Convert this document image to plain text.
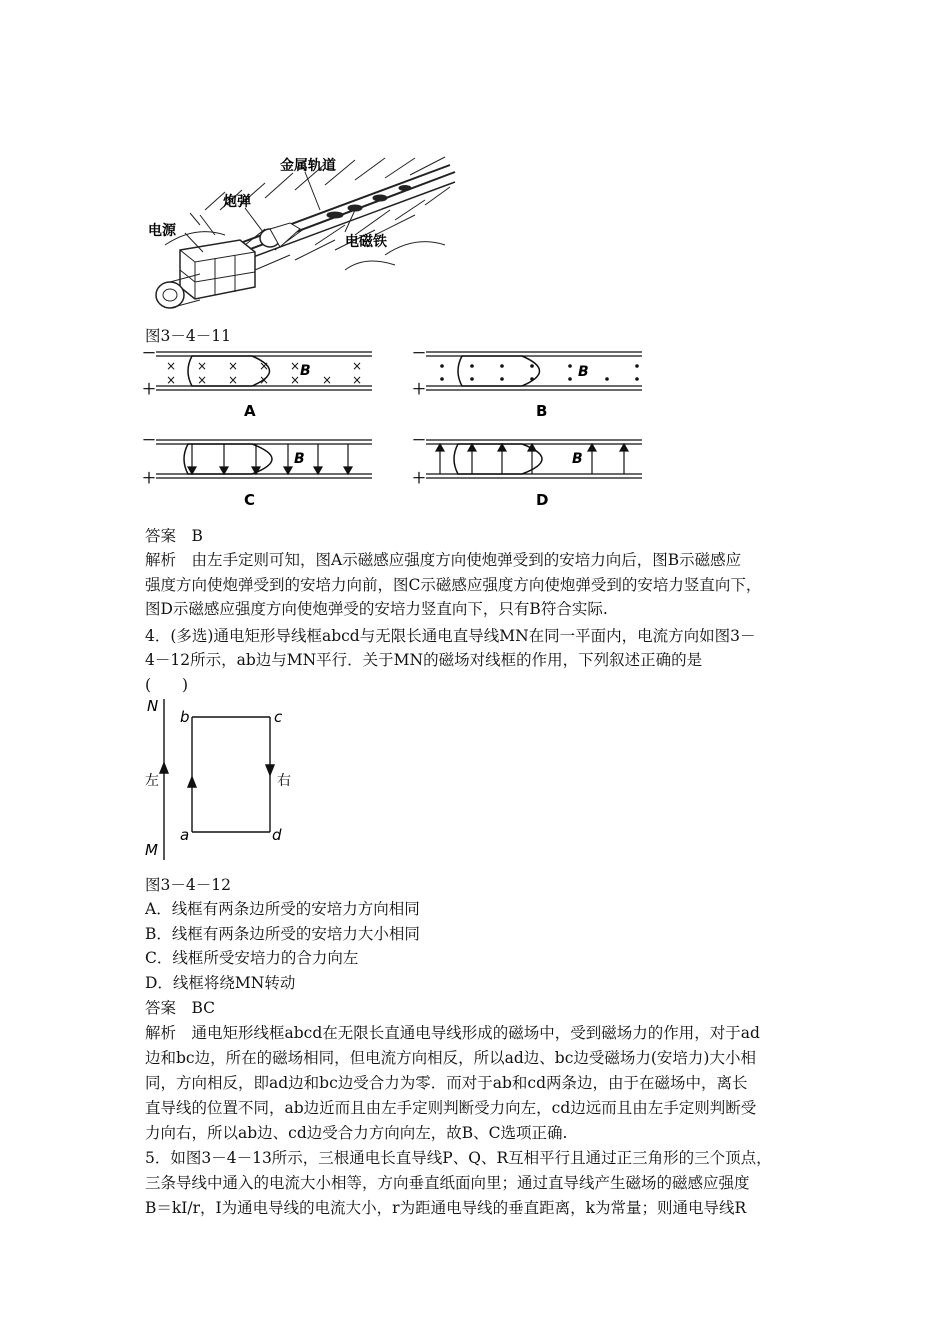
金属轨道
炮弹
电源
电磁铁
图3－4－11
－
＋
× × × × ×
× × × × ×
×
×
×
B
A
－
＋
B
B
－
＋
B
C
－
＋
B
D
答案　B
解析　由左手定则可知，图A示磁感应强度方向使炮弹受到的安培力向后，图B示磁感应
强度方向使炮弹受到的安培力向前，图C示磁感应强度方向使炮弹受到的安培力竖直向下，
图D示磁感应强度方向使炮弹受的安培力竖直向下，只有B符合实际.
4．(多选)通电矩形导线框abcd与无限长通电直导线MN在同一平面内，电流方向如图3－
4－12所示，ab边与MN平行．关于MN的磁场对线框的作用，下列叙述正确的是
(　　)
N
M
b	c
a	d
左	右
图3－4－12
A．线框有两条边所受的安培力方向相同
B．线框有两条边所受的安培力大小相同
C．线框所受安培力的合力向左
D．线框将绕MN转动
答案　BC
解析　通电矩形线框abcd在无限长直通电导线形成的磁场中，受到磁场力的作用，对于ad
边和bc边，所在的磁场相同，但电流方向相反，所以ad边、bc边受磁场力(安培力)大小相
同，方向相反，即ad边和bc边受合力为零．而对于ab和cd两条边，由于在磁场中，离长
直导线的位置不同，ab边近而且由左手定则判断受力向左，cd边远而且由左手定则判断受
力向右，所以ab边、cd边受合力方向向左，故B、C选项正确.
5．如图3－4－13所示，三根通电长直导线P、Q、R互相平行且通过正三角形的三个顶点，
三条导线中通入的电流大小相等，方向垂直纸面向里；通过直导线产生磁场的磁感应强度
B＝kI/r，I为通电导线的电流大小，r为距通电导线的垂直距离，k为常量；则通电导线R
